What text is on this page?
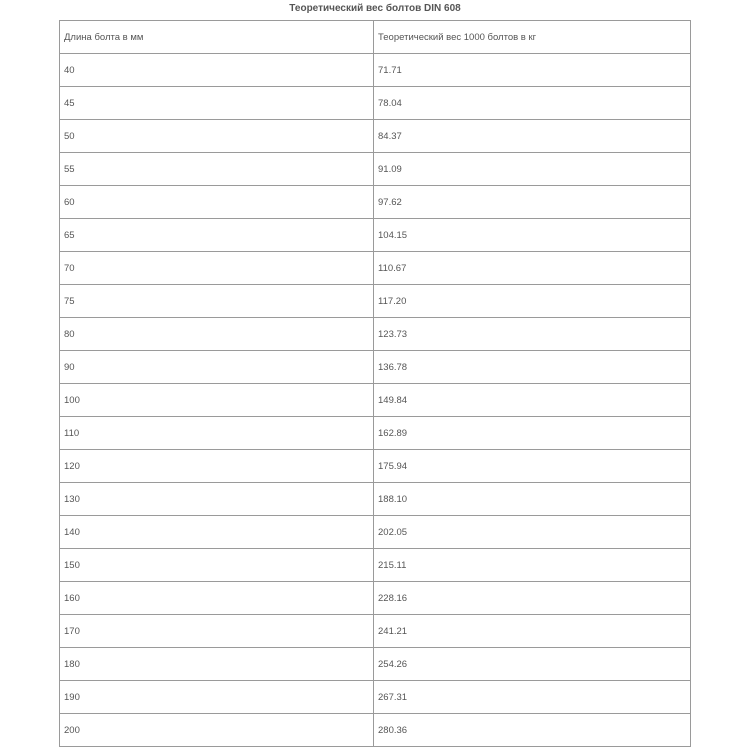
Теоретический вес болтов DIN 608
Длина болта в мм	Теоретический вес 1000 болтов в кг
40	71.71
45	78.04
50	84.37
55	91.09
60	97.62
65	104.15
70	110.67
75	117.20
80	123.73
90	136.78
100	149.84
110	162.89
120	175.94
130	188.10
140	202.05
150	215.11
160	228.16
170	241.21
180	254.26
190	267.31
200	280.36
